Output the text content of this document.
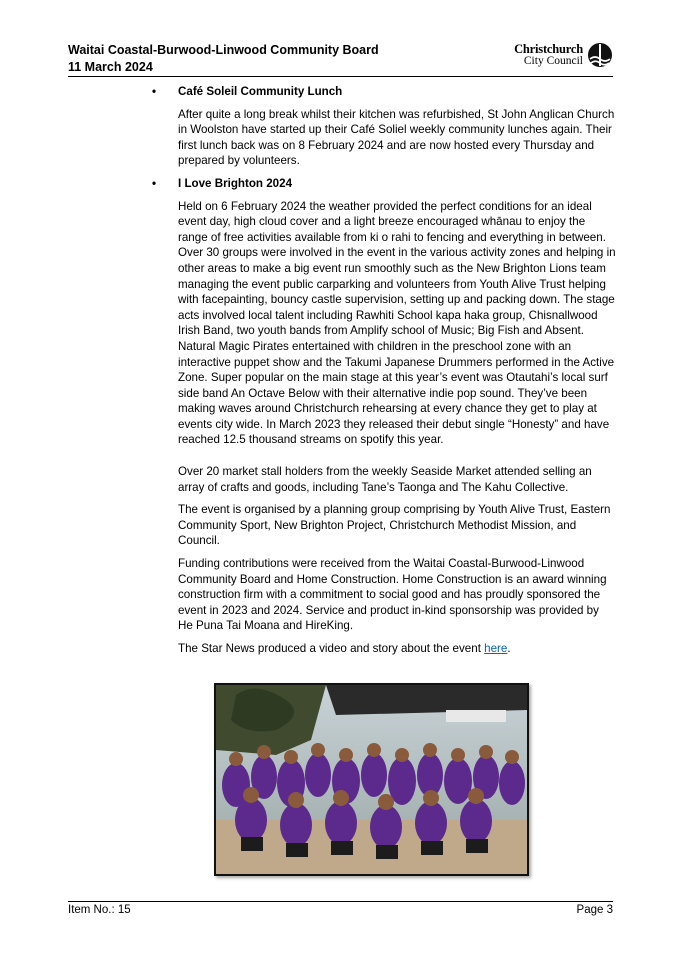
Waitai Coastal-Burwood-Linwood Community Board
11 March 2024
Christchurch
City Council
• Café Soleil Community Lunch

After quite a long break whilst their kitchen was refurbished, St John Anglican Church in Woolston have started up their Café Soliel weekly community lunches again. Their first lunch back was on 8 February 2024 and are now hosted every Thursday and prepared by volunteers.

• I Love Brighton 2024

Held on 6 February 2024 the weather provided the perfect conditions for an ideal event day, high cloud cover and a light breeze encouraged whānau to enjoy the range of free activities available from ki o rahi to fencing and everything in between. Over 30 groups were involved in the event in the various activity zones and helping in other areas to make a big event run smoothly such as the New Brighton Lions team managing the event public carparking and volunteers from Youth Alive Trust helping with facepainting, bouncy castle supervision, setting up and packing down. The stage acts involved local talent including Rawhiti School kapa haka group, Chisnallwood Irish Band, two youth bands from Amplify school of Music; Big Fish and Absent. Natural Magic Pirates entertained with children in the preschool zone with an interactive puppet show and the Takumi Japanese Drummers performed in the Active Zone. Super popular on the main stage at this year’s event was Otautahi’s local surf side band An Octave Below with their alternative indie pop sound. They’ve been making waves around Christchurch rehearsing at every chance they get to play at events city wide. In March 2023 they released their debut single “Honesty” and have reached 12.5 thousand streams on spotify this year.

Over 20 market stall holders from the weekly Seaside Market attended selling an array of crafts and goods, including Tane’s Taonga and The Kahu Collective.

The event is organised by a planning group comprising by Youth Alive Trust, Eastern Community Sport, New Brighton Project, Christchurch Methodist Mission, and Council.

Funding contributions were received from the Waitai Coastal-Burwood-Linwood Community Board and Home Construction. Home Construction is an award winning construction firm with a commitment to social good and has proudly sponsored the event in 2023 and 2024. Service and product in-kind sponsorship was provided by He Puna Tai Moana and HireKing.

The Star News produced a video and story about the event here.

Item No.: 15	Page 3
